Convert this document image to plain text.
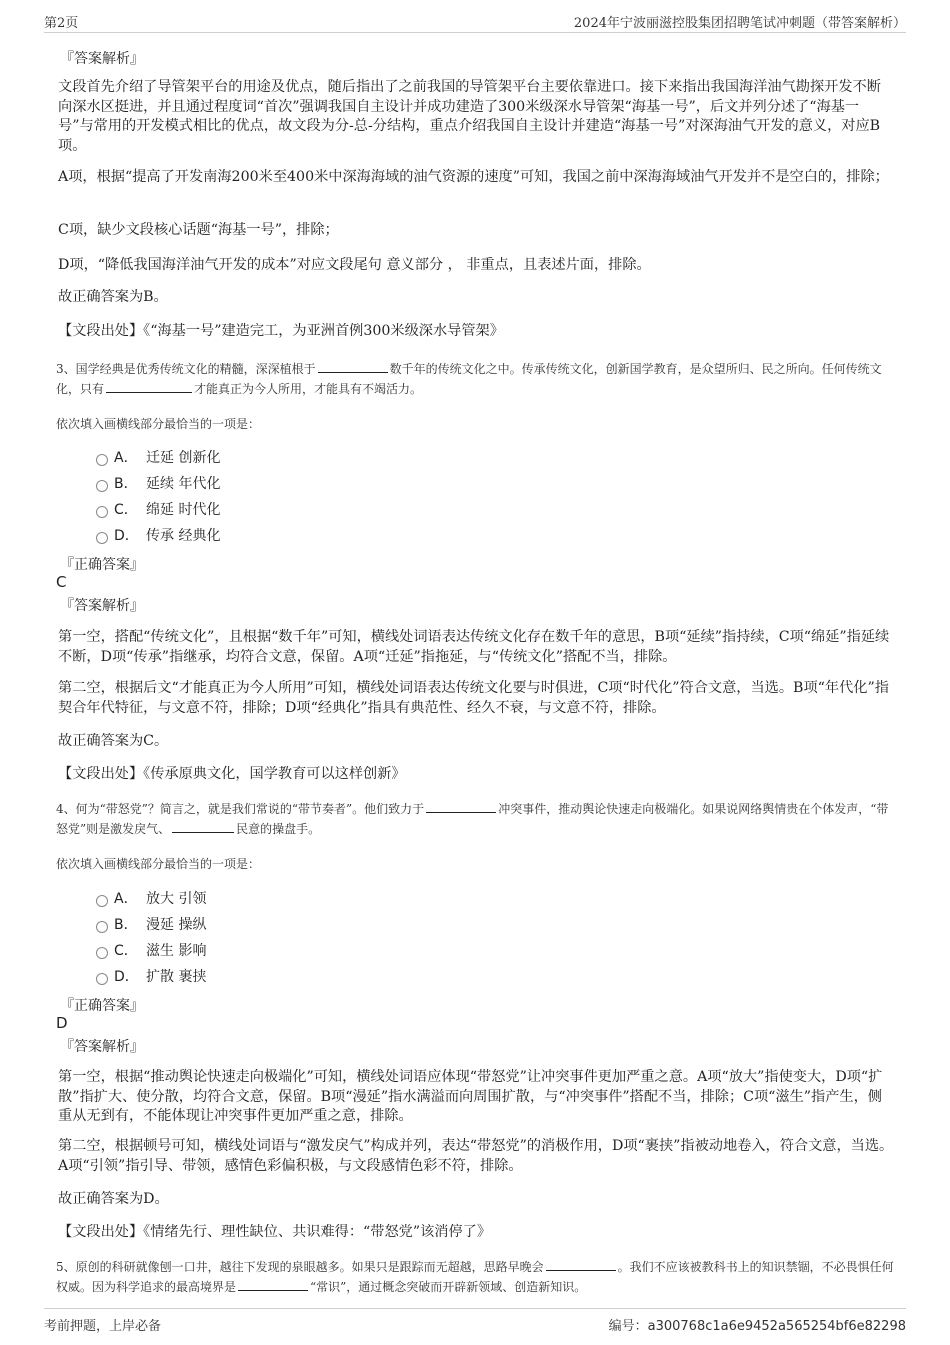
第2页	2024年宁波丽滋控股集团招聘笔试冲刺题（带答案解析）
『答案解析』

文段首先介绍了导管架平台的用途及优点，随后指出了之前我国的导管架平台主要依靠进口。接下来指出我国海洋油气勘探开发不断向深水区挺进，并且通过程度词“首次”强调我国自主设计并成功建造了300米级深水导管架“海基一号”，后文并列分述了“海基一号”与常用的开发模式相比的优点，故文段为分-总-分结构，重点介绍我国自主设计并建造“海基一号”对深海油气开发的意义，对应B项。

A项，根据“提高了开发南海200米至400米中深海海域的油气资源的速度”可知，我国之前中深海海域油气开发并不是空白的，排除；

C项，缺少文段核心话题“海基一号”，排除；

D项，“降低我国海洋油气开发的成本”对应文段尾句 意义部分 ， 非重点，且表述片面，排除。

故正确答案为B。

【文段出处】《“海基一号”建造完工，为亚洲首例300米级深水导管架》

3、国学经典是优秀传统文化的精髓，深深植根于	数千年的传统文化之中。传承传统文化，创新国学教育，是众望所归、民之所向。任何传统文化，只有	才能真正为今人所用，才能具有不竭活力。

依次填入画横线部分最恰当的一项是：
A． 迁延 创新化
B． 延续 年代化
C． 绵延 时代化
D． 传承 经典化
『正确答案』
C
『答案解析』

第一空，搭配“传统文化”，且根据“数千年”可知，横线处词语表达传统文化存在数千年的意思，B项“延续”指持续，C项“绵延”指延续不断，D项“传承”指继承，均符合文意，保留。A项“迁延”指拖延，与“传统文化”搭配不当，排除。

第二空，根据后文“才能真正为今人所用”可知，横线处词语表达传统文化要与时俱进，C项“时代化”符合文意，当选。B项“年代化”指契合年代特征，与文意不符，排除；D项“经典化”指具有典范性、经久不衰，与文意不符，排除。

故正确答案为C。

【文段出处】《传承原典文化，国学教育可以这样创新》

4、何为“带怒党”？简言之，就是我们常说的“带节奏者”。他们致力于	冲突事件，推动舆论快速走向极端化。如果说网络舆情贵在个体发声，“带怒党”则是激发戾气、	民意的操盘手。

依次填入画横线部分最恰当的一项是：
A． 放大 引领
B． 漫延 操纵
C． 滋生 影响
D． 扩散 裹挟
『正确答案』
D
『答案解析』

第一空，根据“推动舆论快速走向极端化”可知，横线处词语应体现“带怒党”让冲突事件更加严重之意。A项“放大”指使变大，D项“扩散”指扩大、使分散，均符合文意，保留。B项“漫延”指水满溢而向周围扩散，与“冲突事件”搭配不当，排除；C项“滋生”指产生，侧重从无到有，不能体现让冲突事件更加严重之意，排除。

第二空，根据顿号可知，横线处词语与“激发戾气”构成并列，表达“带怒党”的消极作用，D项“裹挟”指被动地卷入，符合文意，当选。A项“引领”指引导、带领，感情色彩偏积极，与文段感情色彩不符，排除。

故正确答案为D。

【文段出处】《情绪先行、理性缺位、共识难得：“带怒党”该消停了》

5、原创的科研就像刨一口井，越往下发现的泉眼越多。如果只是跟踪而无超越，思路早晚会	。我们不应该被教科书上的知识禁锢，不必畏惧任何权威。因为科学追求的最高境界是	“常识”，通过概念突破而开辟新领域、创造新知识。

考前押题，上岸必备	编号：a300768c1a6e9452a565254bf6e82298
